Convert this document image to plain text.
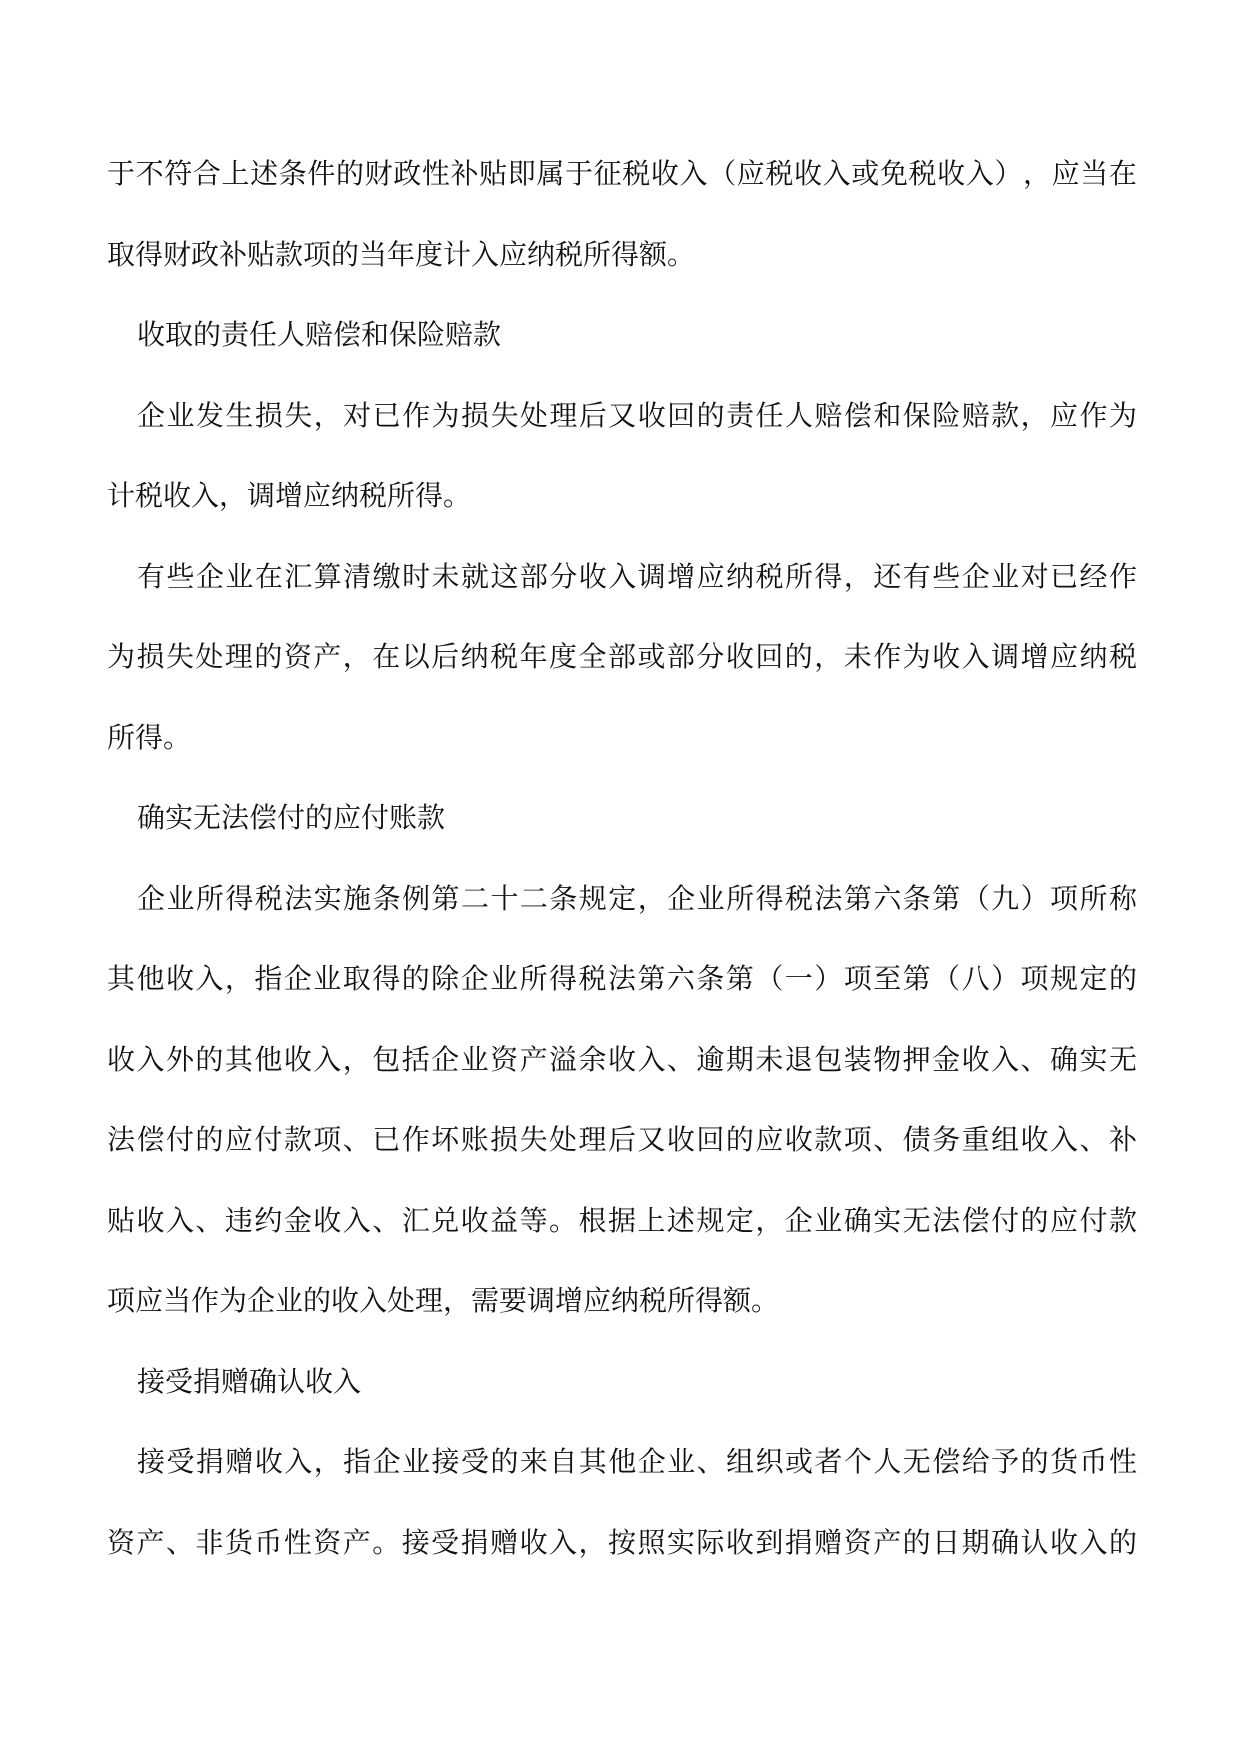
于 不 符 合 上 述 条 件 的 财 政 性 补 贴 即 属 于 征 税 收 入 （ 应 税 收 入 或 免 税 收 入 ） ， 应 当 在
取得财政补贴款项的当年度计入应纳税所得额。
收取的责任人赔偿和保险赔款
企 业 发 生 损 失 ， 对 已 作 为 损 失 处 理 后 又 收 回 的 责 任 人 赔 偿 和 保 险 赔 款 ， 应 作 为
计税收入，调增应纳税所得。
有 些 企 业 在 汇 算 清 缴 时 未 就 这 部 分 收 入 调 增 应 纳 税 所 得 ， 还 有 些 企 业 对 已 经 作
为 损 失 处 理 的 资 产 ， 在 以 后 纳 税 年 度 全 部 或 部 分 收 回 的 ， 未 作 为 收 入 调 增 应 纳 税
所得。
确实无法偿付的应付账款
企 业 所 得 税 法 实 施 条 例 第 二 十 二 条 规 定 ， 企 业 所 得 税 法 第 六 条 第 （ 九 ） 项 所 称
其 他 收 入 ， 指 企 业 取 得 的 除 企 业 所 得 税 法 第 六 条 第 （ 一 ） 项 至 第 （ 八 ） 项 规 定 的
收 入 外 的 其 他 收 入 ， 包 括 企 业 资 产 溢 余 收 入 、 逾 期 未 退 包 装 物 押 金 收 入 、 确 实 无
法 偿 付 的 应 付 款 项 、 已 作 坏 账 损 失 处 理 后 又 收 回 的 应 收 款 项 、 债 务 重 组 收 入 、 补
贴 收 入 、 违 约 金 收 入 、 汇 兑 收 益 等 。 根 据 上 述 规 定 ， 企 业 确 实 无 法 偿 付 的 应 付 款
项应当作为企业的收入处理，需要调增应纳税所得额。
接受捐赠确认收入
接 受 捐 赠 收 入 ， 指 企 业 接 受 的 来 自 其 他 企 业 、 组 织 或 者 个 人 无 偿 给 予 的 货 币 性
资 产 、 非 货 币 性 资 产 。 接 受 捐 赠 收 入 ， 按 照 实 际 收 到 捐 赠 资 产 的 日 期 确 认 收 入 的
